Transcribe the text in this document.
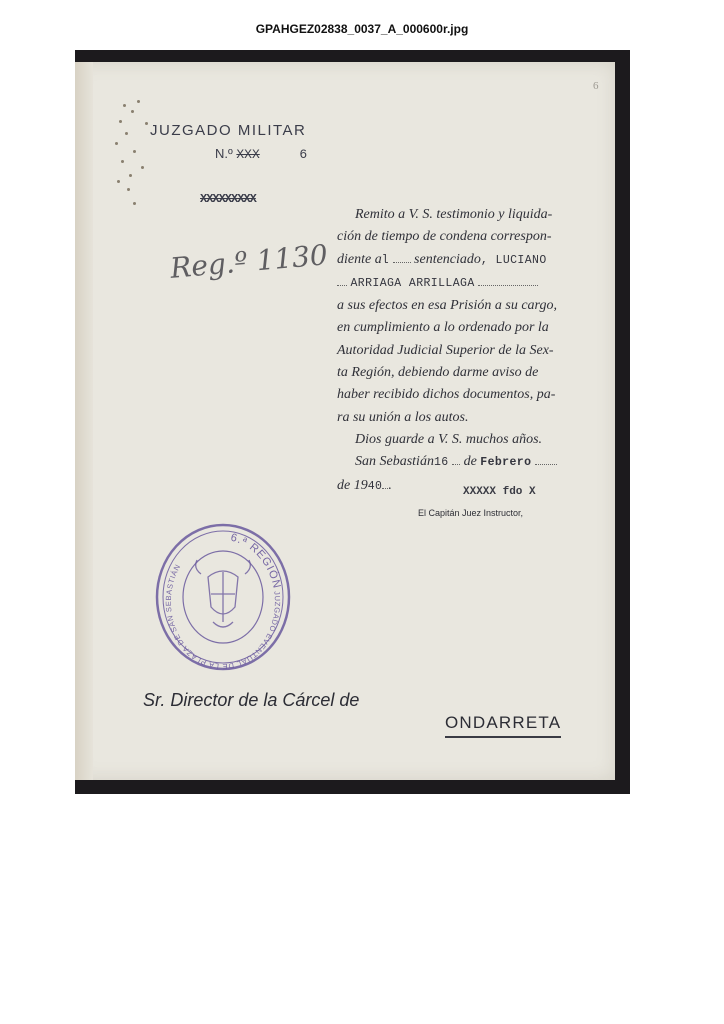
GPAHGEZ02838_0037_A_000600r.jpg
6
JUZGADO MILITAR
N.º XXX	6
XXXXXXXXX
Reg.º 1130
Remito a V. S. testimonio y liquida-
ción de tiempo de condena correspon-
diente al sentenciado, LUCIANO
ARRIAGA ARRILLAGA
a sus efectos en esa Prisión a su cargo,
en cumplimiento a lo ordenado por la
Autoridad Judicial Superior de la Sex-
ta Región, debiendo darme aviso de
haber recibido dichos documentos, pa-
ra su unión a los autos.
Dios guarde a V. S. muchos años.
San Sebastián16 de Febrero
de 1940 .	XXXXX fdo X
El Capitán Juez Instructor,
6.ª REGIÓN
JUZGADO EVENTUAL DE LA PLAZA DE SAN SEBASTIÁN
Sr. Director de la Cárcel de
ONDARRETA
